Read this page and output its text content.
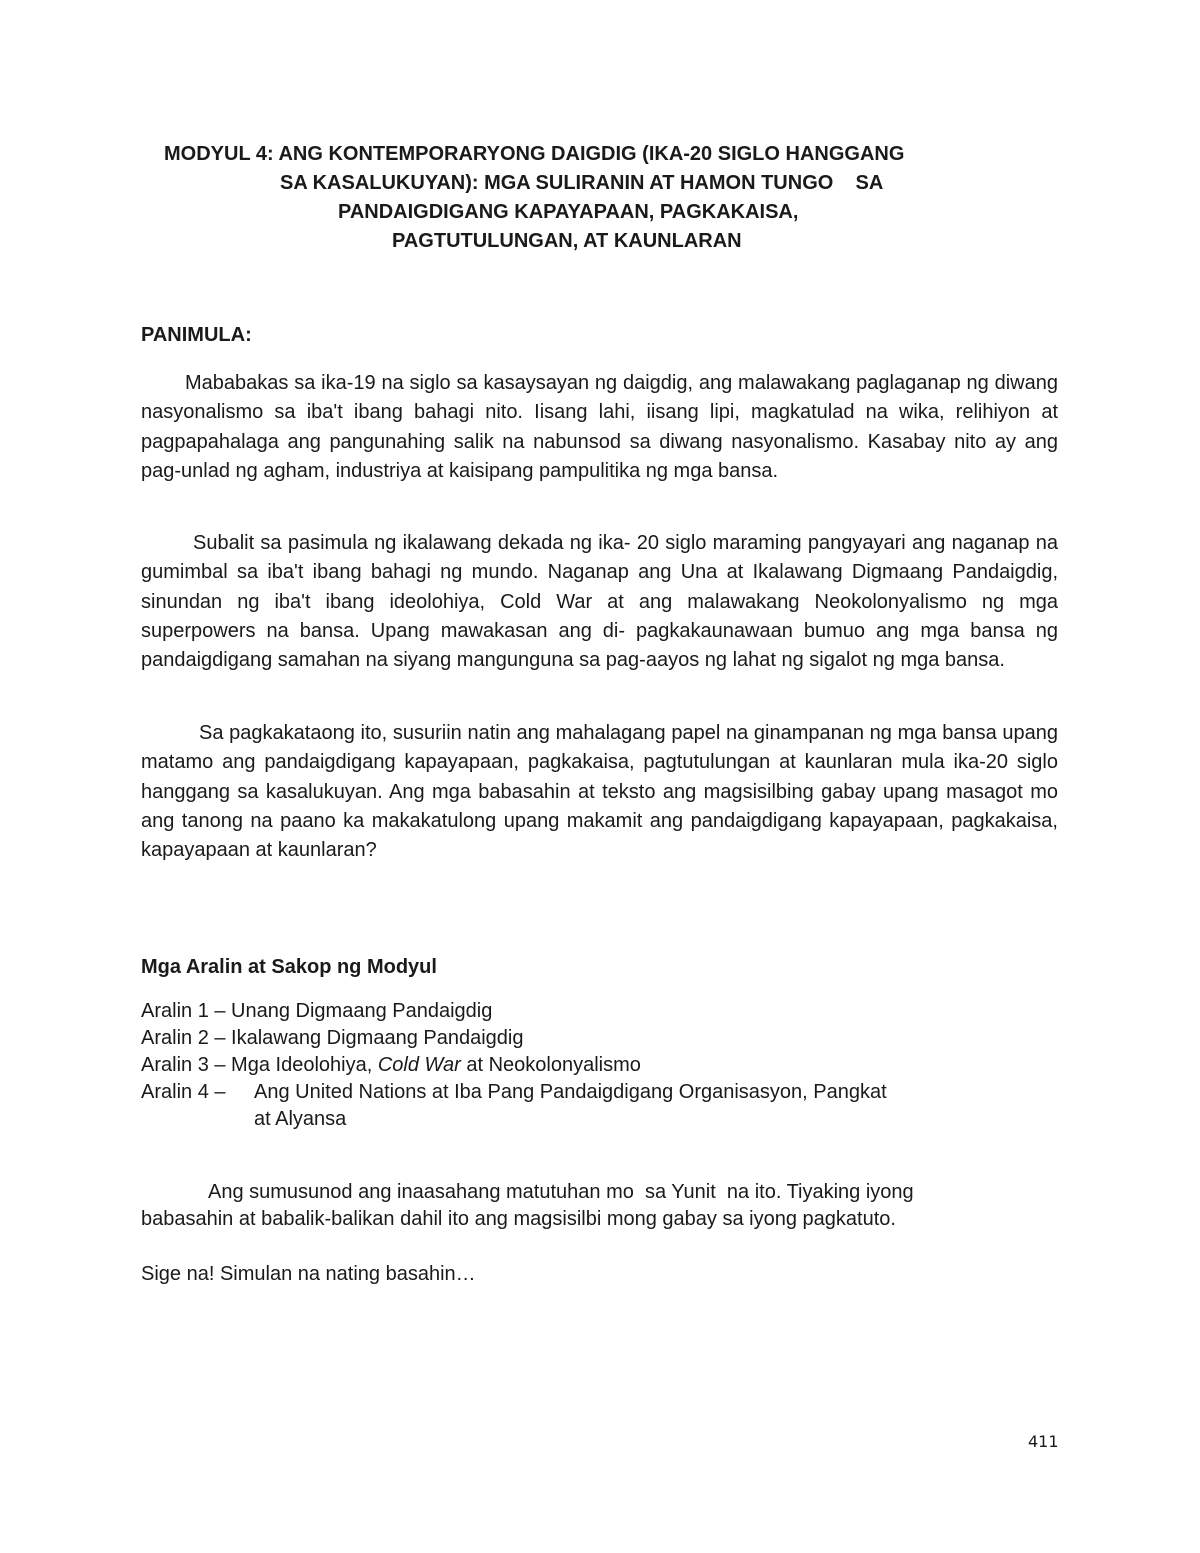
MODYUL 4: ANG KONTEMPORARYONG DAIGDIG (IKA-20 SIGLO HANGGANG
SA KASALUKUYAN): MGA SULIRANIN AT HAMON TUNGO    SA
PANDAIGDIGANG KAPAYAPAAN, PAGKAKAISA,
PAGTUTULUNGAN, AT KAUNLARAN
PANIMULA:

Mababakas sa ika-19 na siglo sa kasaysayan ng daigdig, ang malawakang paglaganap ng diwang nasyonalismo sa iba't ibang bahagi nito. Iisang lahi, iisang lipi, magkatulad na wika, relihiyon at pagpapahalaga ang pangunahing salik na nabunsod sa diwang nasyonalismo. Kasabay nito ay ang pag-unlad ng agham, industriya at kaisipang pampulitika ng mga bansa.

Subalit sa pasimula ng ikalawang dekada ng ika- 20 siglo maraming pangyayari ang naganap na gumimbal sa iba't ibang bahagi ng mundo. Naganap ang Una at Ikalawang Digmaang Pandaigdig, sinundan ng iba't ibang ideolohiya, Cold War at ang malawakang Neokolonyalismo ng mga superpowers na bansa. Upang mawakasan ang di- pagkakaunawaan bumuo ang mga bansa ng pandaigdigang samahan na siyang mangunguna sa pag-aayos ng lahat ng sigalot ng mga bansa.

Sa pagkakataong ito, susuriin natin ang mahalagang papel na ginampanan ng mga bansa upang matamo ang pandaigdigang kapayapaan, pagkakaisa, pagtutulungan at kaunlaran mula ika-20 siglo hanggang sa kasalukuyan. Ang mga babasahin at teksto ang magsisilbing gabay upang masagot mo ang tanong na paano ka makakatulong upang makamit ang pandaigdigang kapayapaan, pagkakaisa, kapayapaan at kaunlaran?

Mga Aralin at Sakop ng Modyul
Aralin 1 – Unang Digmaang Pandaigdig
Aralin 2 – Ikalawang Digmaang Pandaigdig
Aralin 3 – Mga Ideolohiya, Cold War at Neokolonyalismo
Aralin 4 – Ang United Nations at Iba Pang Pandaigdigang Organisasyon, Pangkat
at Alyansa
Ang sumusunod ang inaasahang matutuhan mo  sa Yunit  na ito. Tiyaking iyong
babasahin at babalik-balikan dahil ito ang magsisilbi mong gabay sa iyong pagkatuto.
Sige na! Simulan na nating basahin…
411
